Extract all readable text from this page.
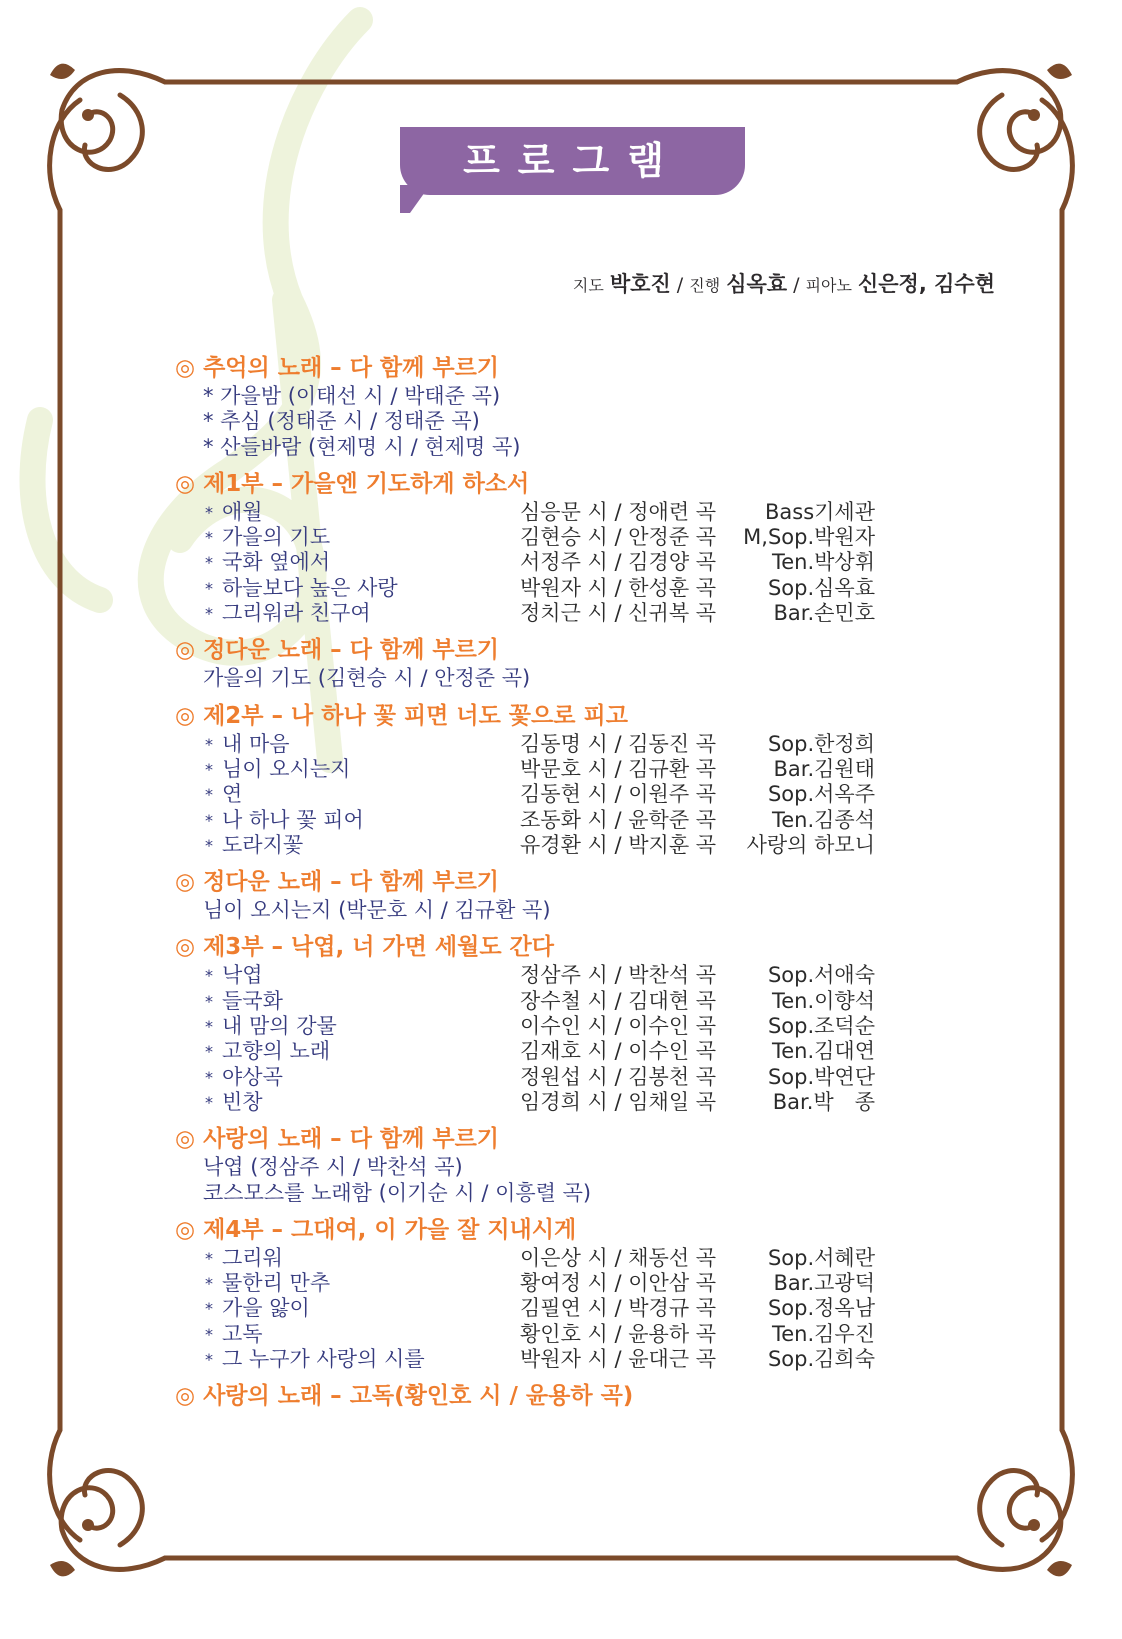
프로그램
지도 박호진 / 진행 심옥효 / 피아노 신은정, 김수현
◎ 추억의 노래 – 다 함께 부르기
* 가을밤 (이태선 시 / 박태준 곡)
* 추심 (정태준 시 / 정태준 곡)
* 산들바람 (현제명 시 / 현제명 곡)
◎ 제1부 – 가을엔 기도하게 하소서
* 애월	심응문 시 / 정애련 곡 Bass기세관
* 가을의 기도	김현승 시 / 안정준 곡 M,Sop.박원자
* 국화 옆에서	서정주 시 / 김경양 곡	Ten.박상휘
* 하늘보다 높은 사랑	박원자 시 / 한성훈 곡 Sop.심옥효
* 그리워라 친구여	정치근 시 / 신귀복 곡	Bar.손민호
◎ 정다운 노래 – 다 함께 부르기
가을의 기도 (김현승 시 / 안정준 곡)
◎ 제2부 – 나 하나 꽃 피면 너도 꽃으로 피고
* 내 마음	김동명 시 / 김동진 곡 Sop.한정희
* 님이 오시는지	박문호 시 / 김규환 곡	Bar.김원태
* 연	김동현 시 / 이원주 곡 Sop.서옥주
* 나 하나 꽃 피어	조동화 시 / 윤학준 곡	Ten.김종석
* 도라지꽃	유경환 시 / 박지훈 곡 사랑의 하모니
◎ 정다운 노래 – 다 함께 부르기
님이 오시는지 (박문호 시 / 김규환 곡)
◎ 제3부 – 낙엽, 너 가면 세월도 간다
* 낙엽	정삼주 시 / 박찬석 곡 Sop.서애숙
* 들국화	장수철 시 / 김대현 곡	Ten.이향석
* 내 맘의 강물	이수인 시 / 이수인 곡 Sop.조덕순
* 고향의 노래	김재호 시 / 이수인 곡	Ten.김대연
* 야상곡	정원섭 시 / 김봉천 곡 Sop.박연단
* 빈창	임경희 시 / 임채일 곡	Bar.박　종
◎ 사랑의 노래 – 다 함께 부르기
낙엽 (정삼주 시 / 박찬석 곡)
코스모스를 노래함 (이기순 시 / 이흥렬 곡)
◎ 제4부 – 그대여, 이 가을 잘 지내시게
* 그리워	이은상 시 / 채동선 곡 Sop.서혜란
* 물한리 만추	황여정 시 / 이안삼 곡	Bar.고광덕
* 가을 앓이	김필연 시 / 박경규 곡 Sop.정옥남
* 고독	황인호 시 / 윤용하 곡	Ten.김우진
* 그 누구가 사랑의 시를	박원자 시 / 윤대근 곡 Sop.김희숙
◎ 사랑의 노래 – 고독(황인호 시 / 윤용하 곡)
